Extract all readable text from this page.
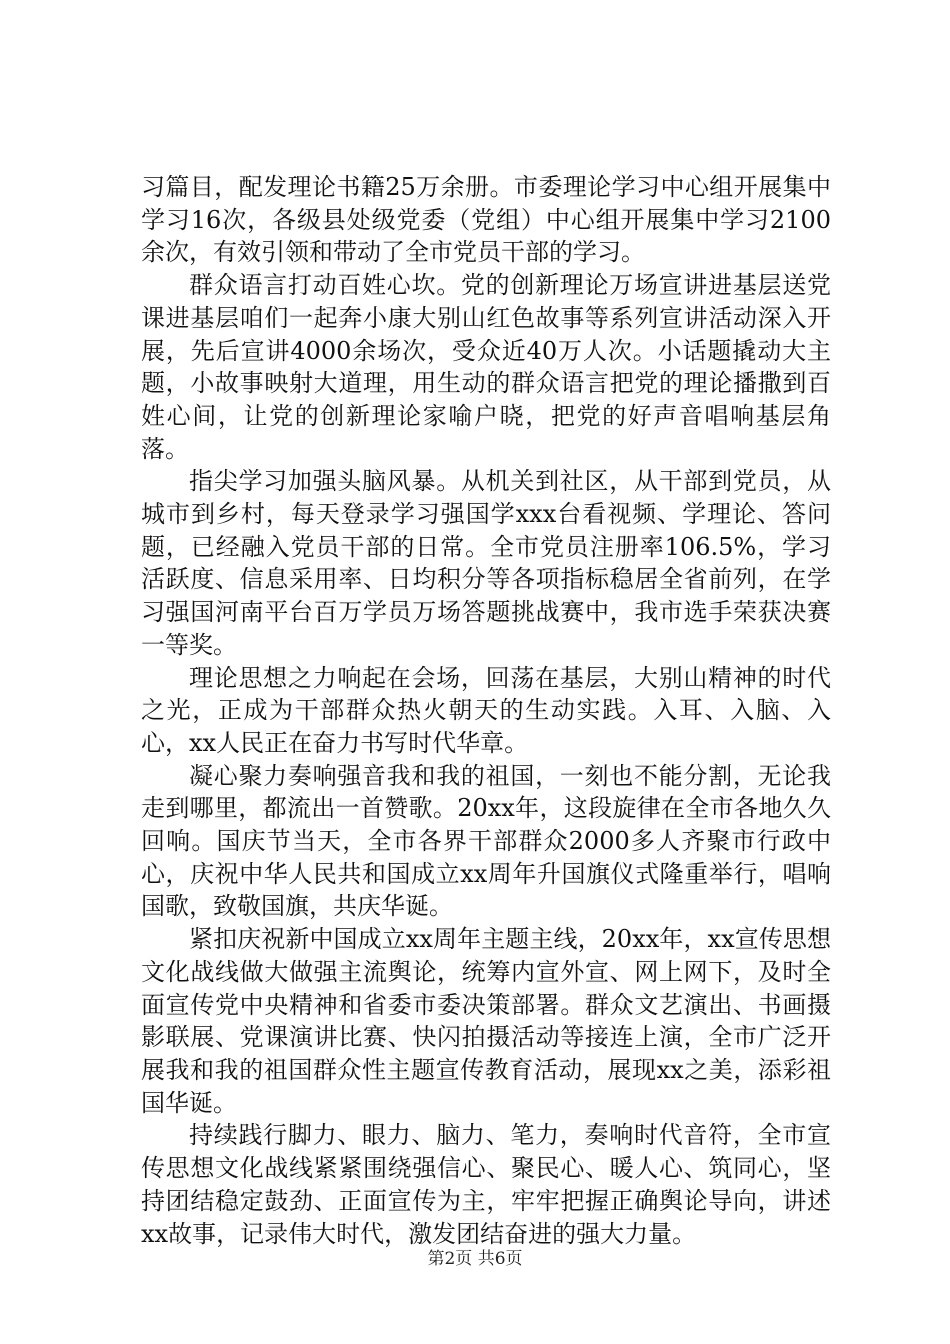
习篇目，配发理论书籍25万余册。市委理论学习中心组开展集中学习16次，各级县处级党委（党组）中心组开展集中学习2100余次，有效引领和带动了全市党员干部的学习。

群众语言打动百姓心坎。党的创新理论万场宣讲进基层送党课进基层咱们一起奔小康大别山红色故事等系列宣讲活动深入开展，先后宣讲4000余场次，受众近40万人次。小话题撬动大主题，小故事映射大道理，用生动的群众语言把党的理论播撒到百姓心间，让党的创新理论家喻户晓，把党的好声音唱响基层角落。

指尖学习加强头脑风暴。从机关到社区，从干部到党员，从城市到乡村，每天登录学习强国学xxx台看视频、学理论、答问题，已经融入党员干部的日常。全市党员注册率106.5%，学习活跃度、信息采用率、日均积分等各项指标稳居全省前列，在学习强国河南平台百万学员万场答题挑战赛中，我市选手荣获决赛一等奖。

理论思想之力响起在会场，回荡在基层，大别山精神的时代之光，正成为干部群众热火朝天的生动实践。入耳、入脑、入心，xx人民正在奋力书写时代华章。

凝心聚力奏响强音我和我的祖国，一刻也不能分割，无论我走到哪里，都流出一首赞歌。20xx年，这段旋律在全市各地久久回响。国庆节当天，全市各界干部群众2000多人齐聚市行政中心，庆祝中华人民共和国成立xx周年升国旗仪式隆重举行，唱响国歌，致敬国旗，共庆华诞。

紧扣庆祝新中国成立xx周年主题主线，20xx年，xx宣传思想文化战线做大做强主流舆论，统筹内宣外宣、网上网下，及时全面宣传党中央精神和省委市委决策部署。群众文艺演出、书画摄影联展、党课演讲比赛、快闪拍摄活动等接连上演，全市广泛开展我和我的祖国群众性主题宣传教育活动，展现xx之美，添彩祖国华诞。

持续践行脚力、眼力、脑力、笔力，奏响时代音符，全市宣传思想文化战线紧紧围绕强信心、聚民心、暖人心、筑同心，坚持团结稳定鼓劲、正面宣传为主，牢牢把握正确舆论导向，讲述xx故事，记录伟大时代，激发团结奋进的强大力量。

第2页 共6页
